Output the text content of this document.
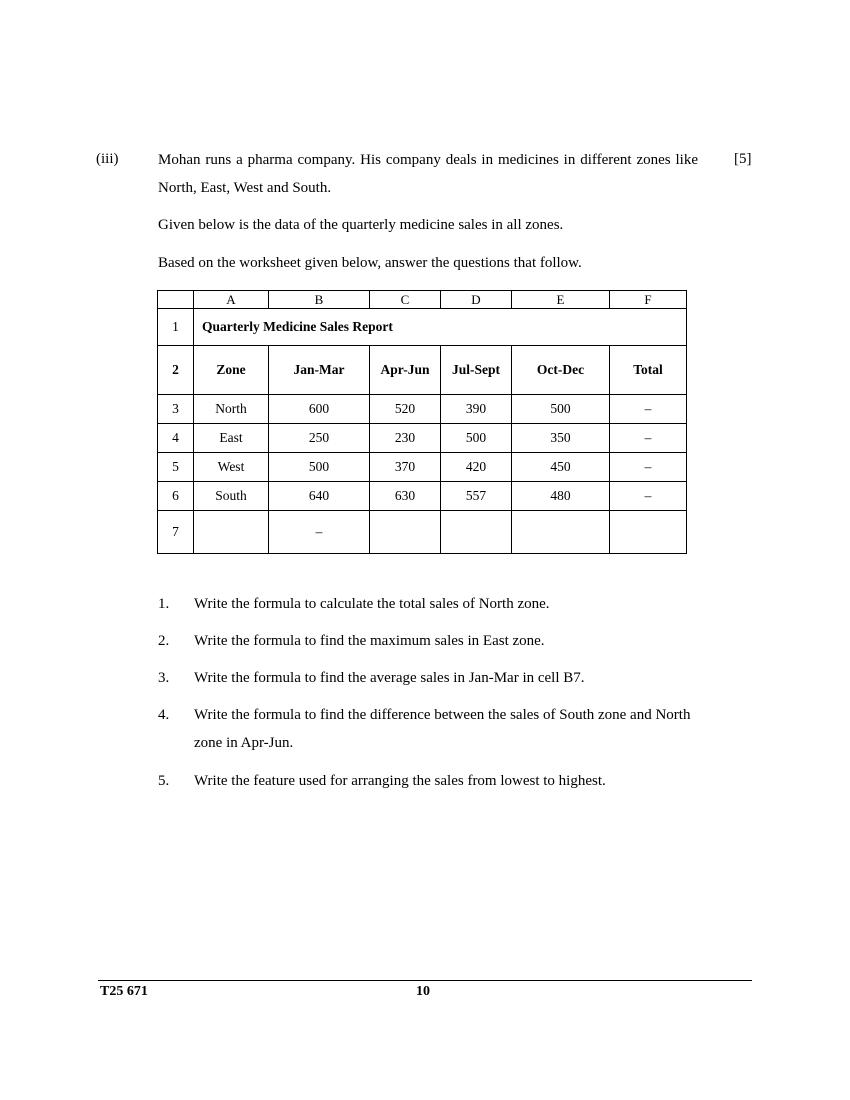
(iii)	[5]
Mohan runs a pharma company. His company deals in medicines in different zones like North, East, West and South.
Given below is the data of the quarterly medicine sales in all zones.
Based on the worksheet given below, answer the questions that follow.
	A	B	C	D	E	F
1	Quarterly Medicine Sales Report					
2	Zone	Jan-Mar	Apr-Jun	Jul-Sept	Oct-Dec	Total
3	North	600	520	390	500	–
4	East	250	230	500	350	–
5	West	500	370	420	450	–
6	South	640	630	557	480	–
7		–				
1. Write the formula to calculate the total sales of North zone.
2. Write the formula to find the maximum sales in East zone.
3. Write the formula to find the average sales in Jan-Mar in cell B7.
4. Write the formula to find the difference between the sales of South zone and North zone in Apr-Jun.
5. Write the feature used for arranging the sales from lowest to highest.
T25 671	10
